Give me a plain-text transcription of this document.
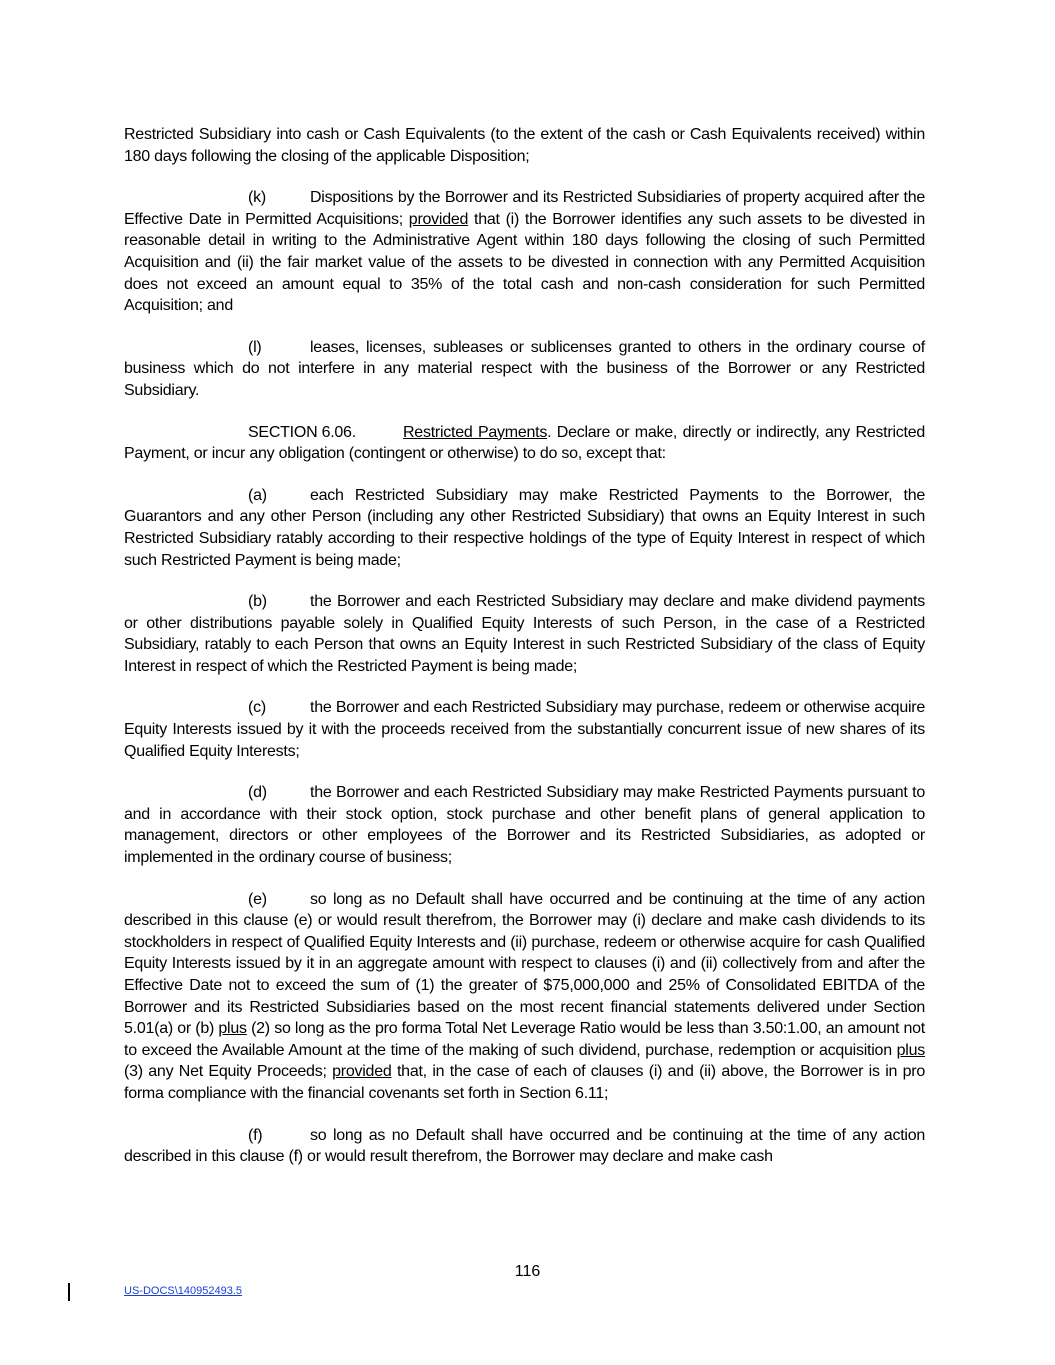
Restricted Subsidiary into cash or Cash Equivalents (to the extent of the cash or Cash Equivalents received) within 180 days following the closing of the applicable Disposition;

(k)	Dispositions by the Borrower and its Restricted Subsidiaries of property acquired after the Effective Date in Permitted Acquisitions; provided that (i) the Borrower identifies any such assets to be divested in reasonable detail in writing to the Administrative Agent within 180 days following the closing of such Permitted Acquisition and (ii) the fair market value of the assets to be divested in connection with any Permitted Acquisition does not exceed an amount equal to 35% of the total cash and non-cash consideration for such Permitted Acquisition; and

(l)	leases, licenses, subleases or sublicenses granted to others in the ordinary course of business which do not interfere in any material respect with the business of the Borrower or any Restricted Subsidiary.

SECTION 6.06.	Restricted Payments. Declare or make, directly or indirectly, any Restricted Payment, or incur any obligation (contingent or otherwise) to do so, except that:

(a)	each Restricted Subsidiary may make Restricted Payments to the Borrower, the Guarantors and any other Person (including any other Restricted Subsidiary) that owns an Equity Interest in such Restricted Subsidiary ratably according to their respective holdings of the type of Equity Interest in respect of which such Restricted Payment is being made;

(b)	the Borrower and each Restricted Subsidiary may declare and make dividend payments or other distributions payable solely in Qualified Equity Interests of such Person, in the case of a Restricted Subsidiary, ratably to each Person that owns an Equity Interest in such Restricted Subsidiary of the class of Equity Interest in respect of which the Restricted Payment is being made;

(c)	the Borrower and each Restricted Subsidiary may purchase, redeem or otherwise acquire Equity Interests issued by it with the proceeds received from the substantially concurrent issue of new shares of its Qualified Equity Interests;

(d)	the Borrower and each Restricted Subsidiary may make Restricted Payments pursuant to and in accordance with their stock option, stock purchase and other benefit plans of general application to management, directors or other employees of the Borrower and its Restricted Subsidiaries, as adopted or implemented in the ordinary course of business;

(e)	so long as no Default shall have occurred and be continuing at the time of any action described in this clause (e) or would result therefrom, the Borrower may (i) declare and make cash dividends to its stockholders in respect of Qualified Equity Interests and (ii) purchase, redeem or otherwise acquire for cash Qualified Equity Interests issued by it in an aggregate amount with respect to clauses (i) and (ii) collectively from and after the Effective Date not to exceed the sum of (1) the greater of $75,000,000 and 25% of Consolidated EBITDA of the Borrower and its Restricted Subsidiaries based on the most recent financial statements delivered under Section 5.01(a) or (b) plus (2) so long as the pro forma Total Net Leverage Ratio would be less than 3.50:1.00, an amount not to exceed the Available Amount at the time of the making of such dividend, purchase, redemption or acquisition plus (3) any Net Equity Proceeds; provided that, in the case of each of clauses (i) and (ii) above, the Borrower is in pro forma compliance with the financial covenants set forth in Section 6.11;

(f)	so long as no Default shall have occurred and be continuing at the time of any action described in this clause (f) or would result therefrom, the Borrower may declare and make cash

116
US-DOCS\140952493.5
